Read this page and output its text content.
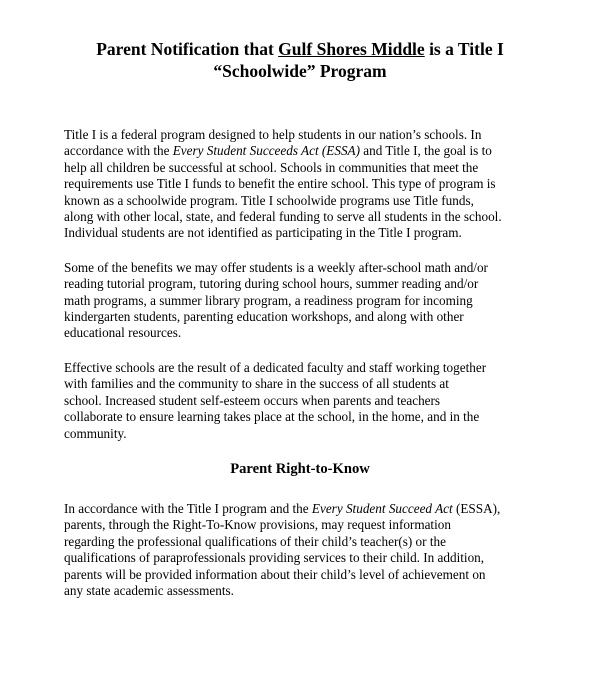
Parent Notification that Gulf Shores Middle is a Title I
“Schoolwide” Program
Title I is a federal program designed to help students in our nation’s schools. In
accordance with the Every Student Succeeds Act (ESSA) and Title I, the goal is to
help all children be successful at school. Schools in communities that meet the
requirements use Title I funds to benefit the entire school. This type of program is
known as a schoolwide program. Title I schoolwide programs use Title funds,
along with other local, state, and federal funding to serve all students in the school.
Individual students are not identified as participating in the Title I program.
Some of the benefits we may offer students is a weekly after-school math and/or
reading tutorial program, tutoring during school hours, summer reading and/or
math programs, a summer library program, a readiness program for incoming
kindergarten students, parenting education workshops, and along with other
educational resources.
Effective schools are the result of a dedicated faculty and staff working together
with families and the community to share in the success of all students at
school. Increased student self-esteem occurs when parents and teachers
collaborate to ensure learning takes place at the school, in the home, and in the
community.
Parent Right-to-Know
In accordance with the Title I program and the Every Student Succeed Act (ESSA),
parents, through the Right-To-Know provisions, may request information
regarding the professional qualifications of their child’s teacher(s) or the
qualifications of paraprofessionals providing services to their child. In addition,
parents will be provided information about their child’s level of achievement on
any state academic assessments.
